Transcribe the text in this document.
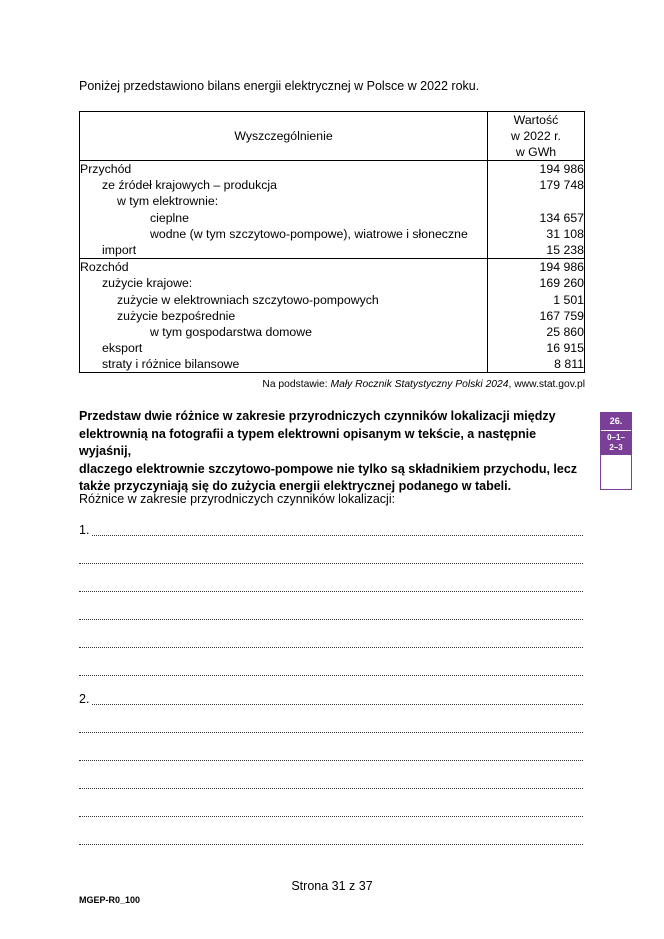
Poniżej przedstawiono bilans energii elektrycznej w Polsce w 2022 roku.
Wyszczególnienie	Wartość
w 2022 r.
w GWh

Przychód	194 986
ze źródeł krajowych – produkcja	179 748
w tym elektrownie:	
cieplne	134 657
wodne (w tym szczytowo-pompowe), wiatrowe i słoneczne	31 108
import	15 238
Rozchód	194 986
zużycie krajowe:	169 260
zużycie w elektrowniach szczytowo-pompowych	1 501
zużycie bezpośrednie	167 759
w tym gospodarstwa domowe	25 860
eksport	16 915
straty i różnice bilansowe	8 811
Na podstawie: Mały Rocznik Statystyczny Polski 2024, www.stat.gov.pl
Przedstaw dwie różnice w zakresie przyrodniczych czynników lokalizacji między
elektrownią na fotografii a typem elektrowni opisanym w tekście, a następnie wyjaśnij,
dlaczego elektrownie szczytowo-pompowe nie tylko są składnikiem przychodu, lecz
także przyczyniają się do zużycia energii elektrycznej podanego w tabeli.
26.
0–1–
2–3
Różnice w zakresie przyrodniczych czynników lokalizacji:
1.
2.
Strona 31 z 37
MGEP-R0_100
